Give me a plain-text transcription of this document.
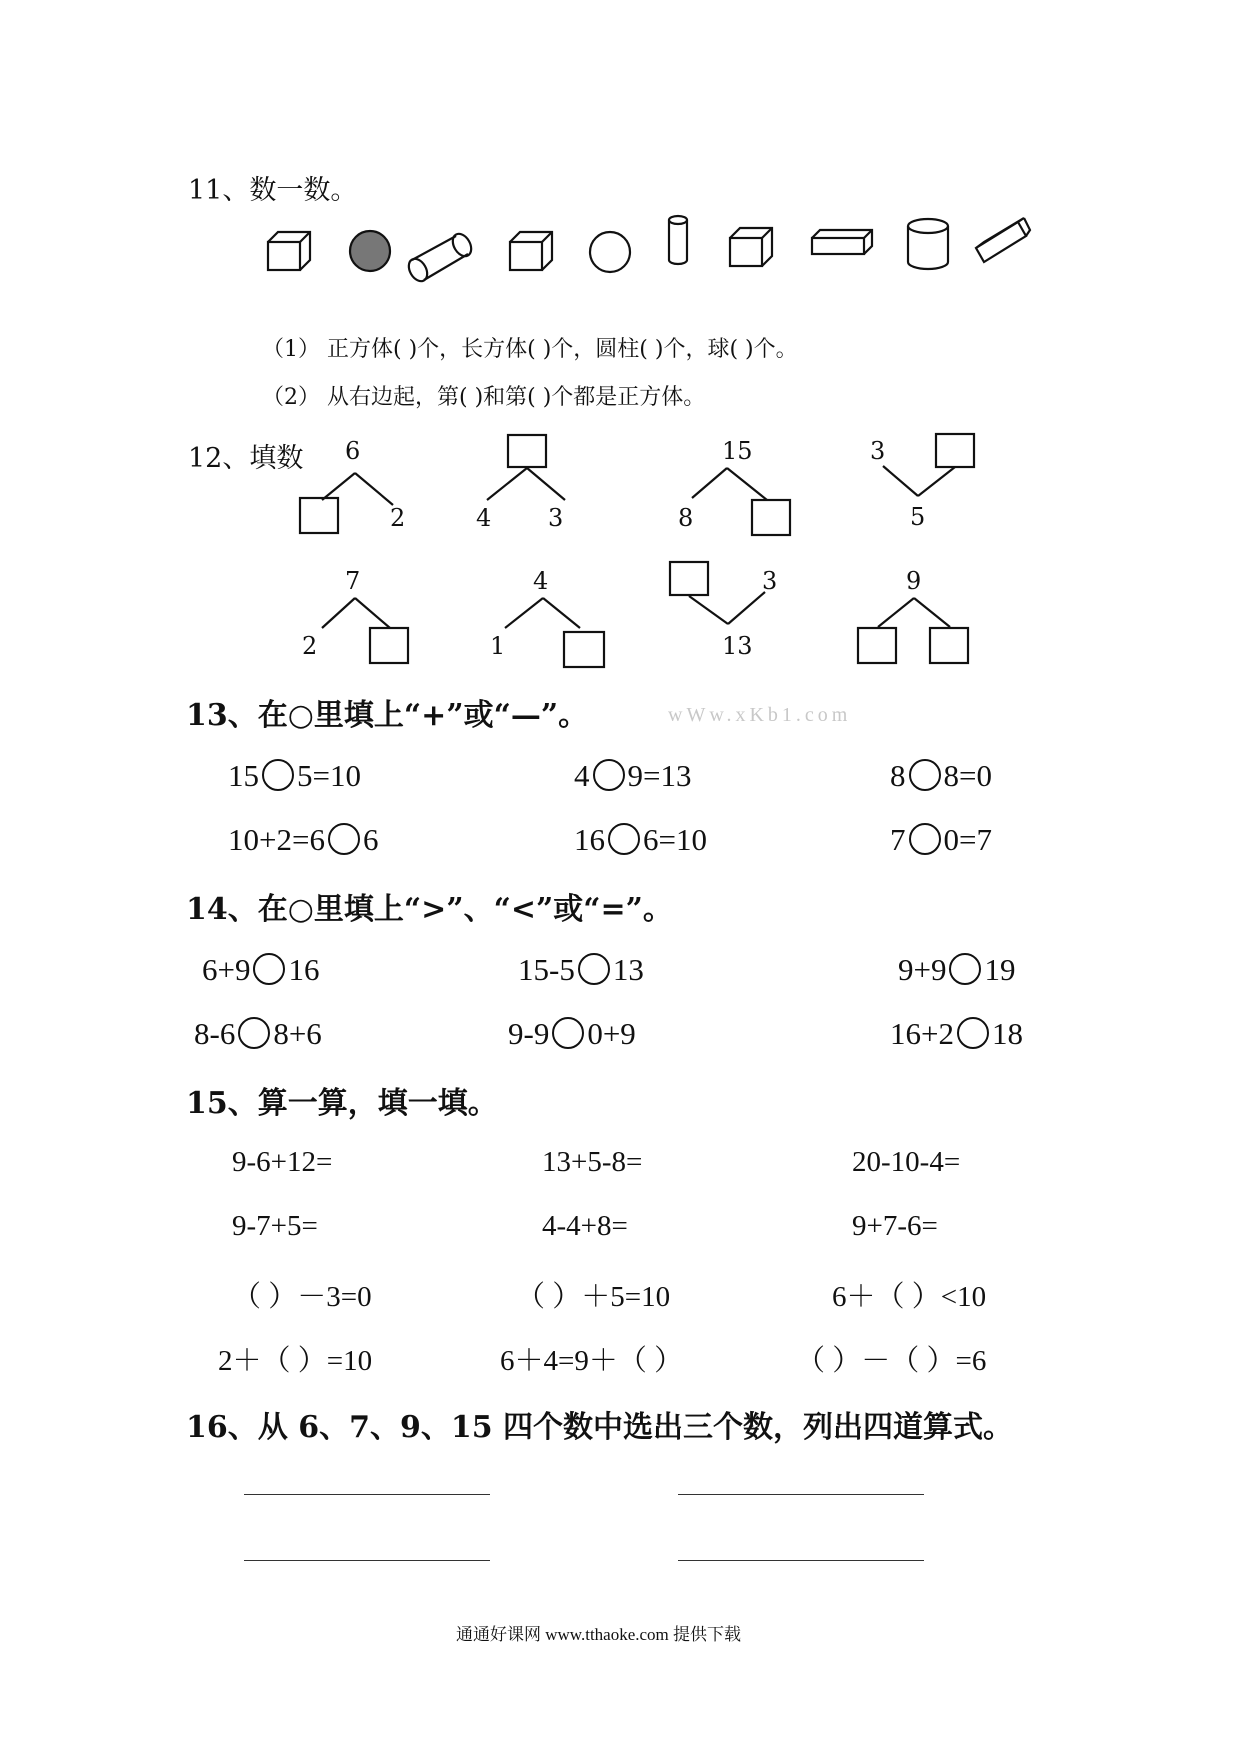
11、数一数。
（1） 正方体( )个，长方体( )个，圆柱( )个，球( )个。
（2） 从右边起，第( )和第( )个都是正方体。
12、填数 6
2	4 3
15
8
3
5
7
2
4
1
3
13
9
13、在○里填上“+”或“—”。	wWw.xKb1.com
15 5=10	4 9=13	8 8=0
10+2=6 6	16 6=10	7 0=7
14、在○里填上“>”、“<”或“=”。
6+9 16	15-5 13	9+9 19
8-6 8+6	9-9 0+9	16+2 18
15、算一算，填一填。
9-6+12=	13+5-8=	20-10-4=
9-7+5=	4-4+8=	9+7-6=
（ ）－3=0	（ ）＋5=10	6＋（ ）<10
2＋（ ）=10	6＋4=9＋（ ）	（ ）－（ ）=6
16、从 6、7、9、15 四个数中选出三个数，列出四道算式。
通通好课网 www.tthaoke.com 提供下载
